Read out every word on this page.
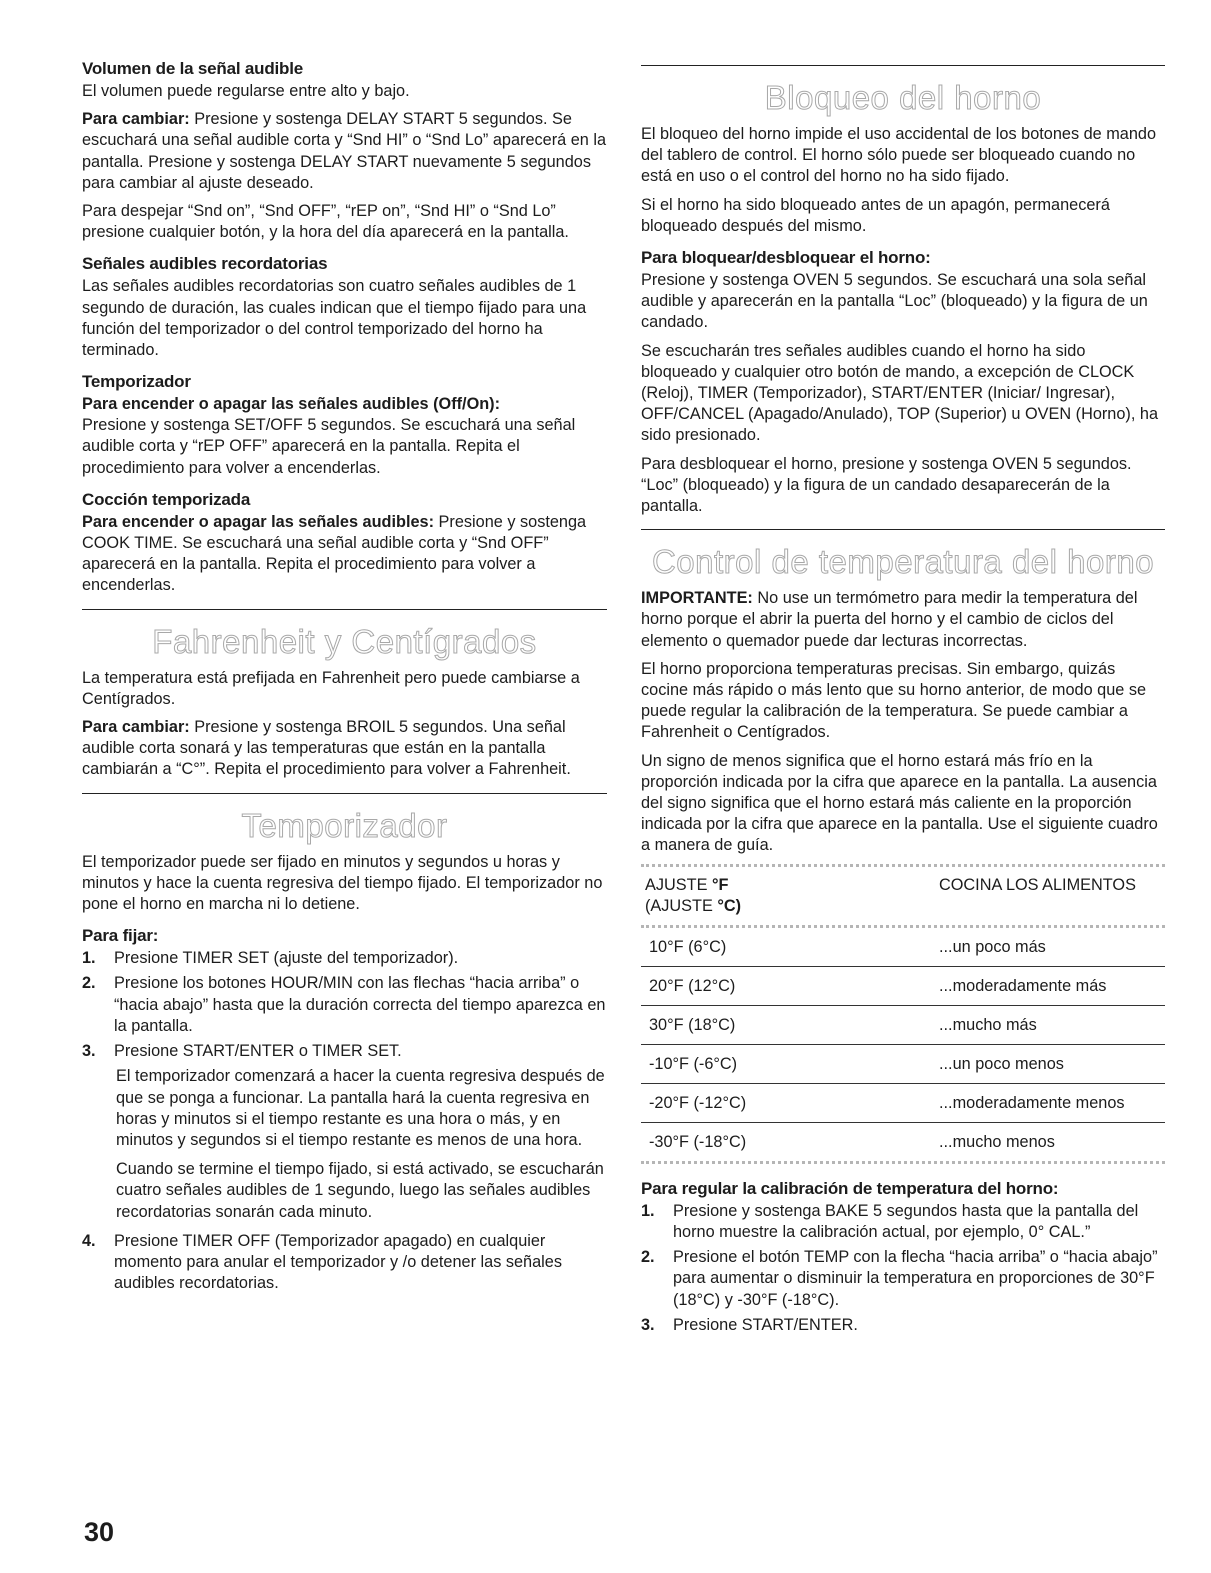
Volumen de la señal audible

El volumen puede regularse entre alto y bajo.

Para cambiar: Presione y sostenga DELAY START 5 segundos. Se escuchará una señal audible corta y “Snd HI” o “Snd Lo” aparecerá en la pantalla. Presione y sostenga DELAY START nuevamente 5 segundos para cambiar al ajuste deseado.

Para despejar “Snd on”, “Snd OFF”, “rEP on”, “Snd HI” o “Snd Lo” presione cualquier botón, y la hora del día aparecerá en la pantalla.

Señales audibles recordatorias

Las señales audibles recordatorias son cuatro señales audibles de 1 segundo de duración, las cuales indican que el tiempo fijado para una función del temporizador o del control temporizado del horno ha terminado.

Temporizador
Para encender o apagar las señales audibles (Off/On):

Presione y sostenga SET/OFF 5 segundos. Se escuchará una señal audible corta y “rEP OFF” aparecerá en la pantalla. Repita el procedimiento para volver a encenderlas.

Cocción temporizada

Para encender o apagar las señales audibles: Presione y sostenga COOK TIME. Se escuchará una señal audible corta y “Snd OFF” aparecerá en la pantalla. Repita el procedimiento para volver a encenderlas.

Fahrenheit y Centígrados

La temperatura está prefijada en Fahrenheit pero puede cambiarse a Centígrados.

Para cambiar: Presione y sostenga BROIL 5 segundos. Una señal audible corta sonará y las temperaturas que están en la pantalla cambiarán a “C°”. Repita el procedimiento para volver a Fahrenheit.

Temporizador

El temporizador puede ser fijado en minutos y segundos u horas y minutos y hace la cuenta regresiva del tiempo fijado. El temporizador no pone el horno en marcha ni lo detiene.

Para fijar:
1. Presione TIMER SET (ajuste del temporizador).
2. Presione los botones HOUR/MIN con las flechas “hacia arriba” o “hacia abajo” hasta que la duración correcta del tiempo aparezca en la pantalla.
3. Presione START/ENTER o TIMER SET.

El temporizador comenzará a hacer la cuenta regresiva después de que se ponga a funcionar. La pantalla hará la cuenta regresiva en horas y minutos si el tiempo restante es una hora o más, y en minutos y segundos si el tiempo restante es menos de una hora.

Cuando se termine el tiempo fijado, si está activado, se escucharán cuatro señales audibles de 1 segundo, luego las señales audibles recordatorias sonarán cada minuto.

4. Presione TIMER OFF (Temporizador apagado) en cualquier momento para anular el temporizador y /o detener las señales audibles recordatorias.
Bloqueo del horno

El bloqueo del horno impide el uso accidental de los botones de mando del tablero de control. El horno sólo puede ser bloqueado cuando no está en uso o el control del horno no ha sido fijado.

Si el horno ha sido bloqueado antes de un apagón, permanecerá bloqueado después del mismo.

Para bloquear/desbloquear el horno:

Presione y sostenga OVEN 5 segundos. Se escuchará una sola señal audible y aparecerán en la pantalla “Loc” (bloqueado) y la figura de un candado.

Se escucharán tres señales audibles cuando el horno ha sido bloqueado y cualquier otro botón de mando, a excepción de CLOCK (Reloj), TIMER (Temporizador), START/ENTER (Iniciar/ Ingresar), OFF/CANCEL (Apagado/Anulado), TOP (Superior) u OVEN (Horno), ha sido presionado.

Para desbloquear el horno, presione y sostenga OVEN 5 segundos. “Loc” (bloqueado) y la figura de un candado desaparecerán de la pantalla.

Control de temperatura del horno

IMPORTANTE: No use un termómetro para medir la temperatura del horno porque el abrir la puerta del horno y el cambio de ciclos del elemento o quemador puede dar lecturas incorrectas.

El horno proporciona temperaturas precisas. Sin embargo, quizás cocine más rápido o más lento que su horno anterior, de modo que se puede regular la calibración de la temperatura. Se puede cambiar a Fahrenheit o Centígrados.

Un signo de menos significa que el horno estará más frío en la proporción indicada por la cifra que aparece en la pantalla. La ausencia del signo significa que el horno estará más caliente en la proporción indicada por la cifra que aparece en la pantalla. Use el siguiente cuadro a manera de guía.

AJUSTE °F
(AJUSTE °C)	COCINA LOS ALIMENTOS
10°F (6°C)	...un poco más
20°F (12°C)	...moderadamente más
30°F (18°C)	...mucho más
-10°F (-6°C)	...un poco menos
-20°F (-12°C)	...moderadamente menos
-30°F (-18°C)	...mucho menos
Para regular la calibración de temperatura del horno:
1. Presione y sostenga BAKE 5 segundos hasta que la pantalla del horno muestre la calibración actual, por ejemplo, 0° CAL.”
2. Presione el botón TEMP con la flecha “hacia arriba” o “hacia abajo” para aumentar o disminuir la temperatura en proporciones de 30°F (18°C) y -30°F (-18°C).
3. Presione START/ENTER.
30
